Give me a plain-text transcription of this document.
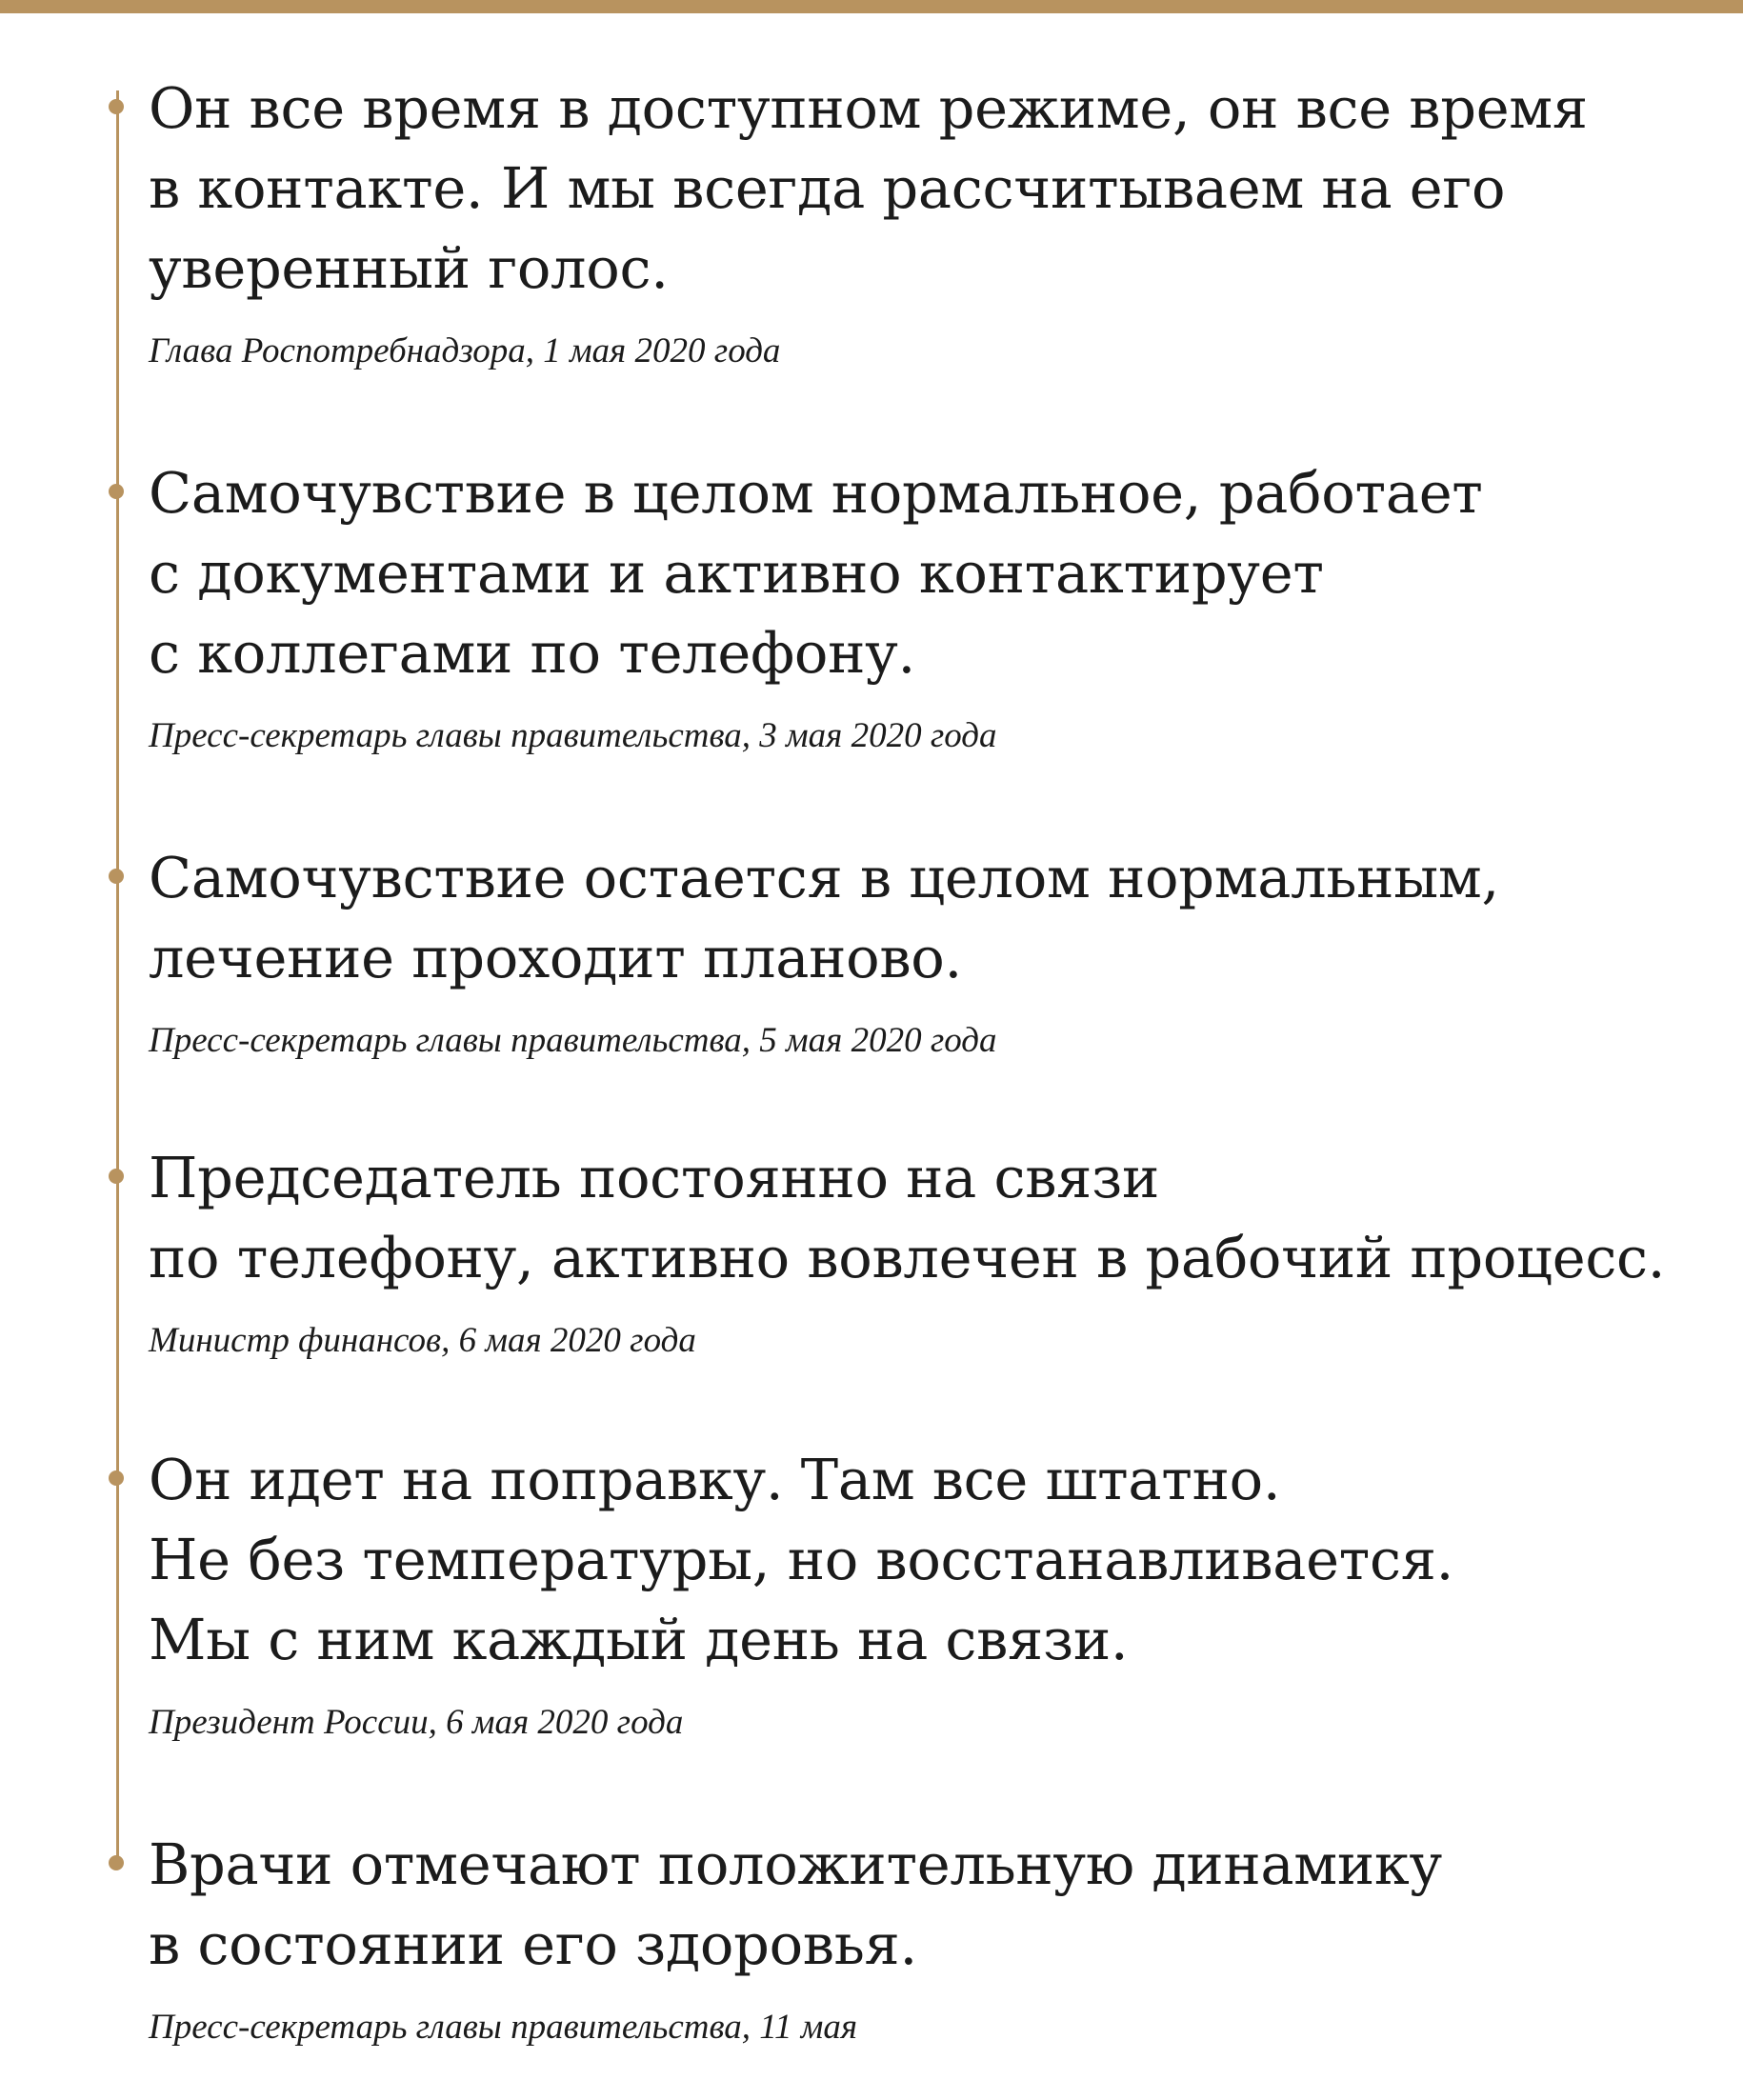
Он все время в доступном режиме, он все время
в контакте. И мы всегда рассчитываем на его
уверенный голос.

Глава Роспотребнадзора, 1 мая 2020 года

Самочувствие в целом нормальное, работает
с документами и активно контактирует
с коллегами по телефону.

Пресс-секретарь главы правительства, 3 мая 2020 года

Самочувствие остается в целом нормальным,
лечение проходит планово.

Пресс-секретарь главы правительства, 5 мая 2020 года

Председатель постоянно на связи
по телефону, активно вовлечен в рабочий процесс.

Министр финансов, 6 мая 2020 года

Он идет на поправку. Там все штатно.
Не без температуры, но восстанавливается.
Мы с ним каждый день на связи.

Президент России, 6 мая 2020 года

Врачи отмечают положительную динамику
в состоянии его здоровья.

Пресс-секретарь главы правительства, 11 мая
